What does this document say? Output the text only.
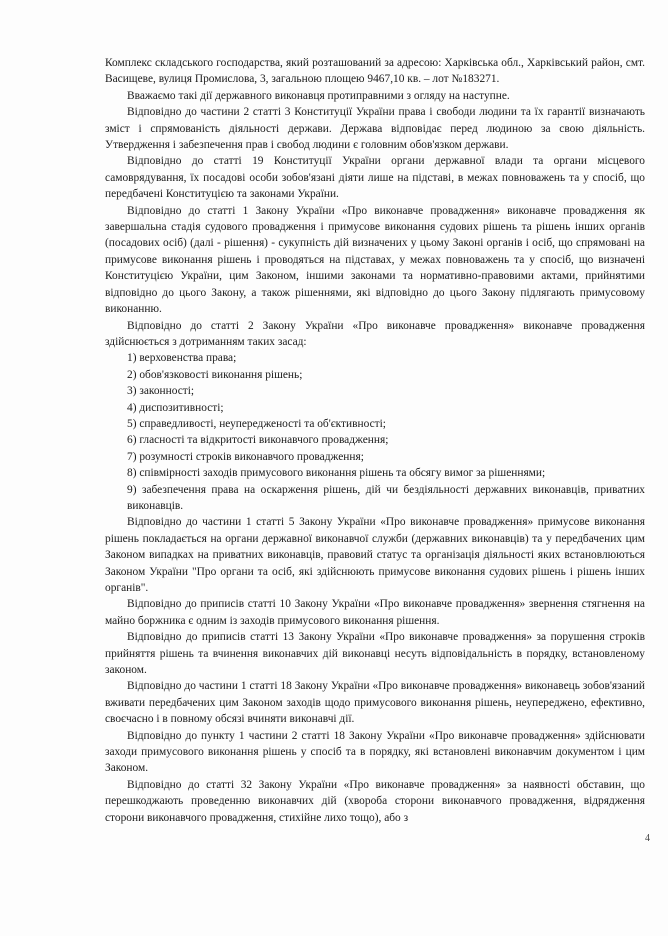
Комплекс складського господарства, який розташований за адресою: Харківська обл., Харківський район, смт. Васищеве, вулиця Промислова, 3, загальною площею 9467,10 кв. – лот №183271.

Вважаємо такі дії державного виконавця протиправними з огляду на наступне.

Відповідно до частини 2 статті 3 Конституції України права і свободи людини та їх гарантії визначають зміст і спрямованість діяльності держави. Держава відповідає перед людиною за свою діяльність. Утвердження і забезпечення прав і свобод людини є головним обов'язком держави.

Відповідно до статті 19 Конституції України органи державної влади та органи місцевого самоврядування, їх посадові особи зобов'язані діяти лише на підставі, в межах повноважень та у спосіб, що передбачені Конституцією та законами України.

Відповідно до статті 1 Закону України «Про виконавче провадження» виконавче провадження як завершальна стадія судового провадження і примусове виконання судових рішень та рішень інших органів (посадових осіб) (далі - рішення) - сукупність дій визначених у цьому Законі органів і осіб, що спрямовані на примусове виконання рішень і проводяться на підставах, у межах повноважень та у спосіб, що визначені Конституцією України, цим Законом, іншими законами та нормативно-правовими актами, прийнятими відповідно до цього Закону, а також рішеннями, які відповідно до цього Закону підлягають примусовому виконанню.

Відповідно до статті 2 Закону України «Про виконавче провадження» виконавче провадження здійснюється з дотриманням таких засад:

1) верховенства права;
2) обов'язковості виконання рішень;
3) законності;
4) диспозитивності;
5) справедливості, неупередженості та об'єктивності;
6) гласності та відкритості виконавчого провадження;
7) розумності строків виконавчого провадження;
8) співмірності заходів примусового виконання рішень та обсягу вимог за рішеннями;
9) забезпечення права на оскарження рішень, дій чи бездіяльності державних виконавців, приватних виконавців.

Відповідно до частини 1 статті 5 Закону України «Про виконавче провадження» примусове виконання рішень покладається на органи державної виконавчої служби (державних виконавців) та у передбачених цим Законом випадках на приватних виконавців, правовий статус та організація діяльності яких встановлюються Законом України "Про органи та осіб, які здійснюють примусове виконання судових рішень і рішень інших органів".

Відповідно до приписів статті 10 Закону України «Про виконавче провадження» звернення стягнення на майно боржника є одним із заходів примусового виконання рішення.

Відповідно до приписів статті 13 Закону України «Про виконавче провадження» за порушення строків прийняття рішень та вчинення виконавчих дій виконавці несуть відповідальність в порядку, встановленому законом.

Відповідно до частини 1 статті 18 Закону України «Про виконавче провадження» виконавець зобов'язаний вживати передбачених цим Законом заходів щодо примусового виконання рішень, неупереджено, ефективно, своєчасно і в повному обсязі вчиняти виконавчі дії.

Відповідно до пункту 1 частини 2 статті 18 Закону України «Про виконавче провадження» здійснювати заходи примусового виконання рішень у спосіб та в порядку, які встановлені виконавчим документом і цим Законом.

Відповідно до статті 32 Закону України «Про виконавче провадження» за наявності обставин, що перешкоджають проведенню виконавчих дій (хвороба сторони виконавчого провадження, відрядження сторони виконавчого провадження, стихійне лихо тощо), або з

4
